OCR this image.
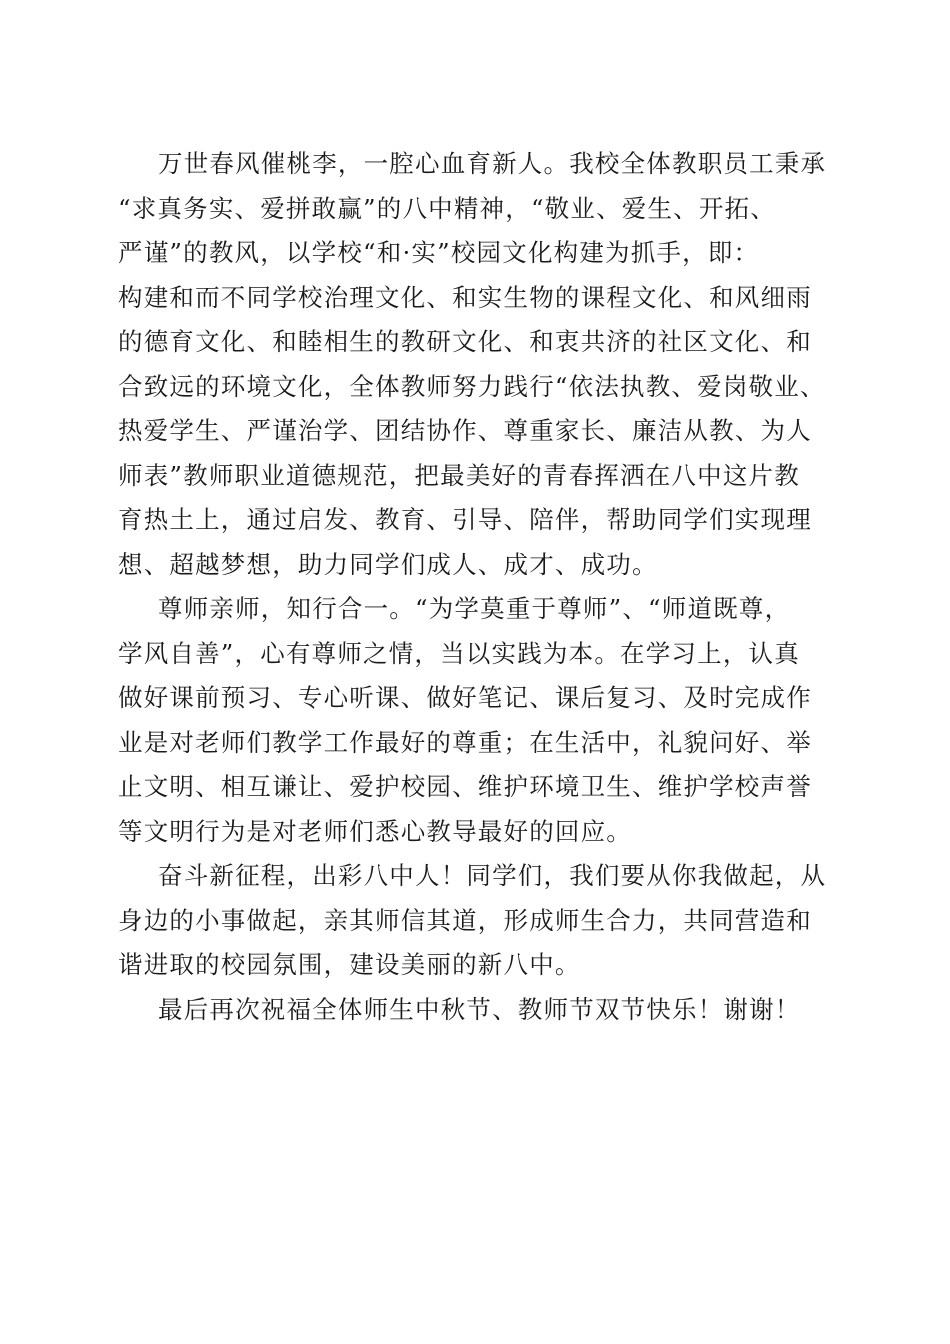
万世春风催桃李，一腔心血育新人。我校全体教职员工秉承
“求真务实、爱拼敢赢”的八中精神，“敬业、爱生、开拓、
严谨”的教风，以学校“和·实”校园文化构建为抓手，即：
构建和而不同学校治理文化、和实生物的课程文化、和风细雨
的德育文化、和睦相生的教研文化、和衷共济的社区文化、和
合致远的环境文化，全体教师努力践行“依法执教、爱岗敬业、
热爱学生、严谨治学、团结协作、尊重家长、廉洁从教、为人
师表”教师职业道德规范，把最美好的青春挥洒在八中这片教
育热土上，通过启发、教育、引导、陪伴，帮助同学们实现理
想、超越梦想，助力同学们成人、成才、成功。
尊师亲师，知行合一。“为学莫重于尊师”、“师道既尊，
学风自善”，心有尊师之情，当以实践为本。在学习上，认真
做好课前预习、专心听课、做好笔记、课后复习、及时完成作
业是对老师们教学工作最好的尊重；在生活中，礼貌问好、举
止文明、相互谦让、爱护校园、维护环境卫生、维护学校声誉
等文明行为是对老师们悉心教导最好的回应。
奋斗新征程，出彩八中人！同学们，我们要从你我做起，从
身边的小事做起，亲其师信其道，形成师生合力，共同营造和
谐进取的校园氛围，建设美丽的新八中。
最后再次祝福全体师生中秋节、教师节双节快乐！谢谢！
